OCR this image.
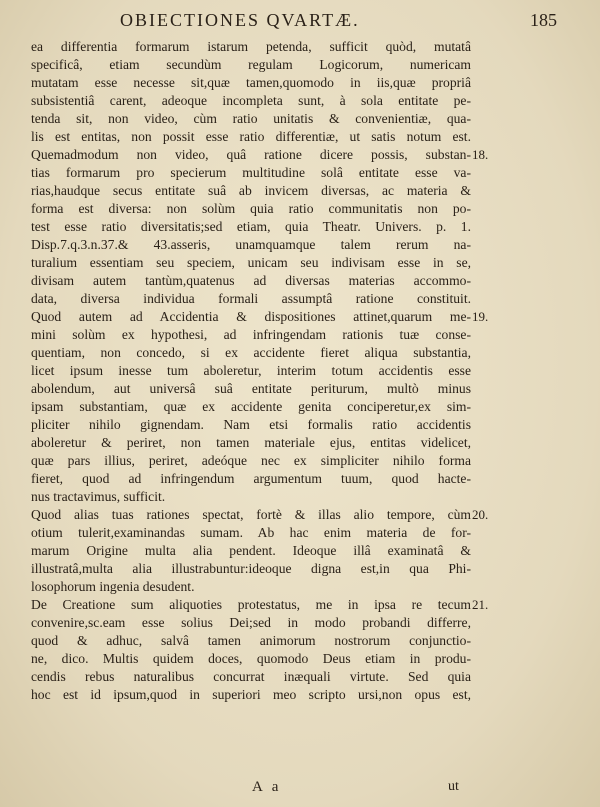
OBIECTIONES QVARTÆ.	185
ea differentia formarum istarum petenda, sufficit quòd, mutatâ
specificâ, etiam secundùm regulam Logicorum, numericam
mutatam esse necesse sit,quæ tamen,quomodo in iis,quæ propriâ
subsistentiâ carent, adeoque incompleta sunt, à sola entitate pe-
tenda sit, non video, cùm ratio unitatis & convenientiæ, qua-
lis est entitas, non possit esse ratio differentiæ, ut satis notum est.
Quemadmodum non video, quâ ratione dicere possis, substan-
tias formarum pro specierum multitudine solâ entitate esse va-
rias,haudque secus entitate suâ ab invicem diversas, ac materia &
forma est diversa: non solùm quia ratio communitatis non po-
test esse ratio diversitatis;sed etiam, quia Theatr. Univers. p. 1.
Disp.7.q.3.n.37.& 43.asseris, unamquamque talem rerum na-
turalium essentiam seu speciem, unicam seu indivisam esse in se,
divisam autem tantùm,quatenus ad diversas materias accommo-
data, diversa individua formali assumptâ ratione constituit.
Quod autem ad Accidentia & dispositiones attinet,quarum me-
mini solùm ex hypothesi, ad infringendam rationis tuæ conse-
quentiam, non concedo, si ex accidente fieret aliqua substantia,
licet ipsum inesse tum aboleretur, interim totum accidentis esse
abolendum, aut universâ suâ entitate periturum, multò minus
ipsam substantiam, quæ ex accidente genita conciperetur,ex sim-
pliciter nihilo gignendam. Nam etsi formalis ratio accidentis
aboleretur & periret, non tamen materiale ejus, entitas videlicet,
quæ pars illius, periret, adeóque nec ex simpliciter nihilo forma
fieret, quod ad infringendum argumentum tuum, quod hacte-
nus tractavimus, sufficit.
Quod alias tuas rationes spectat, fortè & illas alio tempore, cùm
otium tulerit,examinandas sumam. Ab hac enim materia de for-
marum Origine multa alia pendent. Ideoque illâ examinatâ &
illustratâ,multa alia illustrabuntur:ideoque digna est,in qua Phi-
losophorum ingenia desudent.
De Creatione sum aliquoties protestatus, me in ipsa re tecum
convenire,sc.eam esse solius Dei;sed in modo probandi differre,
quod & adhuc, salvâ tamen animorum nostrorum conjunctio-
ne, dico. Multis quidem doces, quomodo Deus etiam in produ-
cendis rebus naturalibus concurrat inæquali virtute. Sed quia
hoc est id ipsum,quod in superiori meo scripto ursi,non opus est,
18.
19.
20.
21.
A a	ut
